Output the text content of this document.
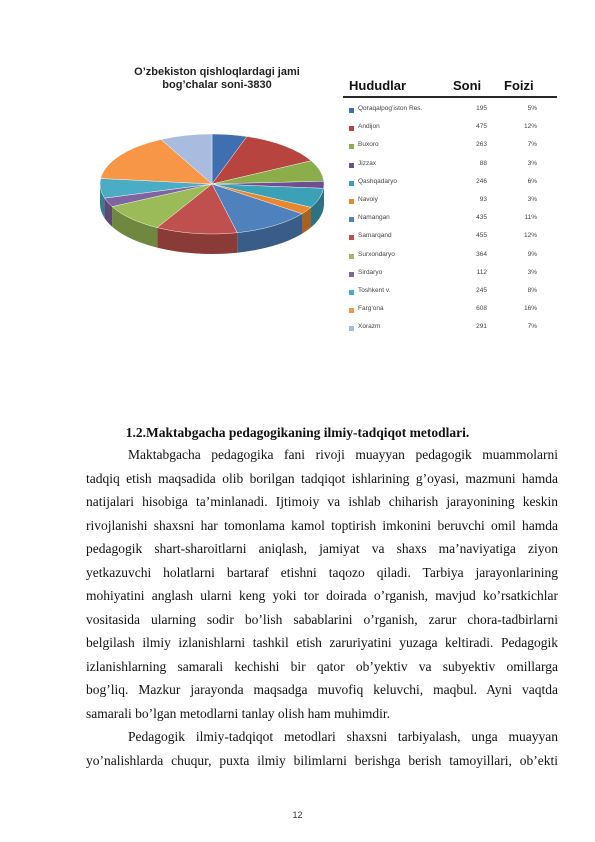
O’zbekiston qishloqlardagi jami
bog’chalar soni-3830	Hududlar	Soni Foizi
Qoraqalpog’iston Res.	195	5%
Andijon	475	12%
Buxoro	263	7%
Jizzax	88	3%
Qashqadaryo	246	6%
Navoiy	93	3%
Namangan	435	11%
Samarqand	455	12%
Surxondaryo	364	9%
Sirdaryo	112	3%
Toshkent v.	245	8%
Farg’ona	608	16%
Xorazm	291	7%
1.2.Maktabgacha pedagogikaning ilmiy-tadqiqot metodlari.
Maktabgacha pedagogika fani rivoji muayyan pedagogik muammolarni
tadqiq etish maqsadida olib borilgan tadqiqot ishlarining g’oyasi, mazmuni hamda
natijalari hisobiga ta’minlanadi. Ijtimoiy va ishlab chiharish jarayonining keskin
rivojlanishi shaxsni har tomonlama kamol toptirish imkonini beruvchi omil hamda
pedagogik shart-sharoitlarni aniqlash, jamiyat va shaxs ma’naviyatiga ziyon
yetkazuvchi holatlarni bartaraf etishni taqozo qiladi. Tarbiya jarayonlarining
mohiyatini anglash ularni keng yoki tor doirada o’rganish, mavjud ko’rsatkichlar
vositasida ularning sodir bo’lish sabablarini o’rganish, zarur chora-tadbirlarni
belgilash ilmiy izlanishlarni tashkil etish zaruriyatini yuzaga keltiradi. Pedagogik
izlanishlarning samarali kechishi bir qator ob’yektiv va subyektiv omillarga
bog’liq. Mazkur jarayonda maqsadga muvofiq keluvchi, maqbul. Ayni vaqtda
samarali bo’lgan metodlarni tanlay olish ham muhimdir.
Pedagogik ilmiy-tadqiqot metodlari shaxsni tarbiyalash, unga muayyan
yo’nalishlarda chuqur, puxta ilmiy bilimlarni berishga berish tamoyillari, ob’ekti
12
